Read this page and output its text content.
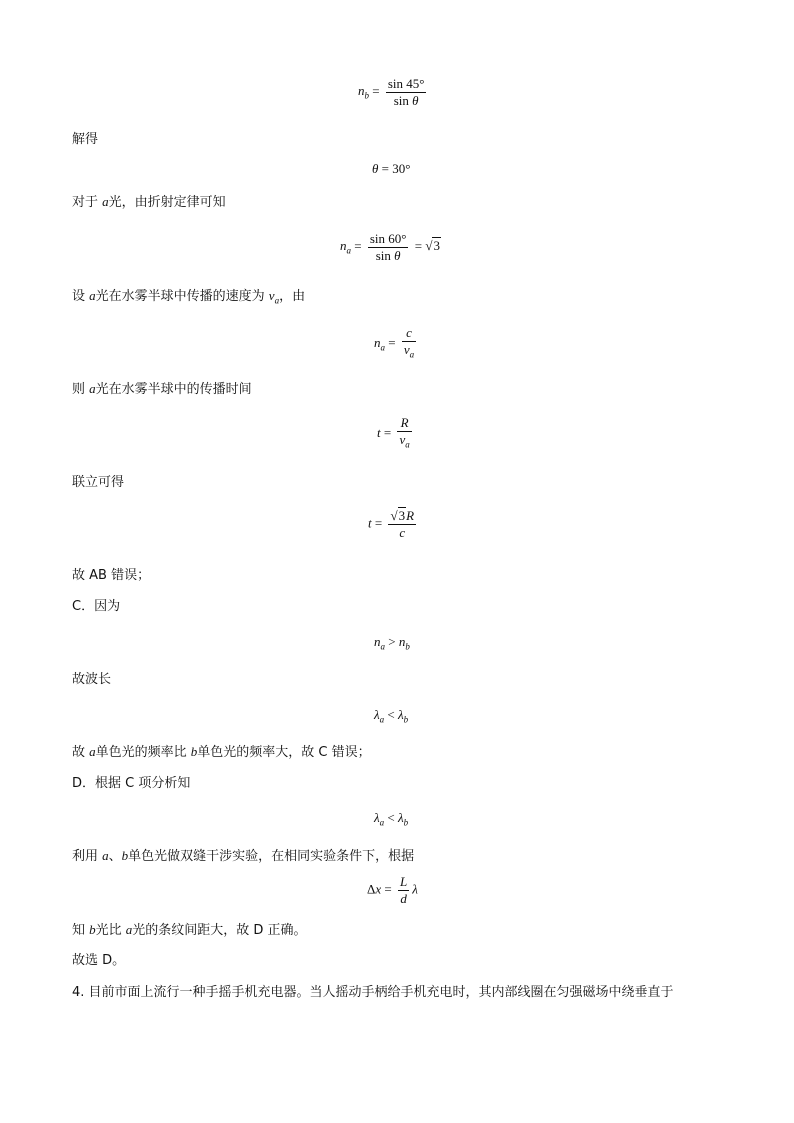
$n_b = \frac{\sin 45^\circ}{\text{sin θ}}$
解得
θ = 30°
对于 a光，由折射定律可知
$n_a = \frac{\sin 60^\circ}{\text{sin θ}} = √3$
设 a光在水雾半球中传播的速度为 $v_a$，由
$n_a = \frac{c}{v_a}$
则 a光在水雾半球中的传播时间
$t = \frac{R}{v_a}$
联立可得
$t = \frac{√3R}{c}$
故 AB 错误；
C．因为
$n_a > n_b$
故波长
$\lambda_a < \lambda_b$
故 a单色光的频率比 b单色光的频率大，故 C 错误；
D．根据 C 项分析知
$\lambda_a < \lambda_b$
利用 a、b单色光做双缝干涉实验，在相同实验条件下，根据
$\Delta x = \frac{L}{d}$ λ
知 b光比 a光的条纹间距大，故 D 正确。
故选 D。
4. 目前市面上流行一种手摇手机充电器。当人摇动手柄给手机充电时，其内部线圈在匀强磁场中绕垂直于
